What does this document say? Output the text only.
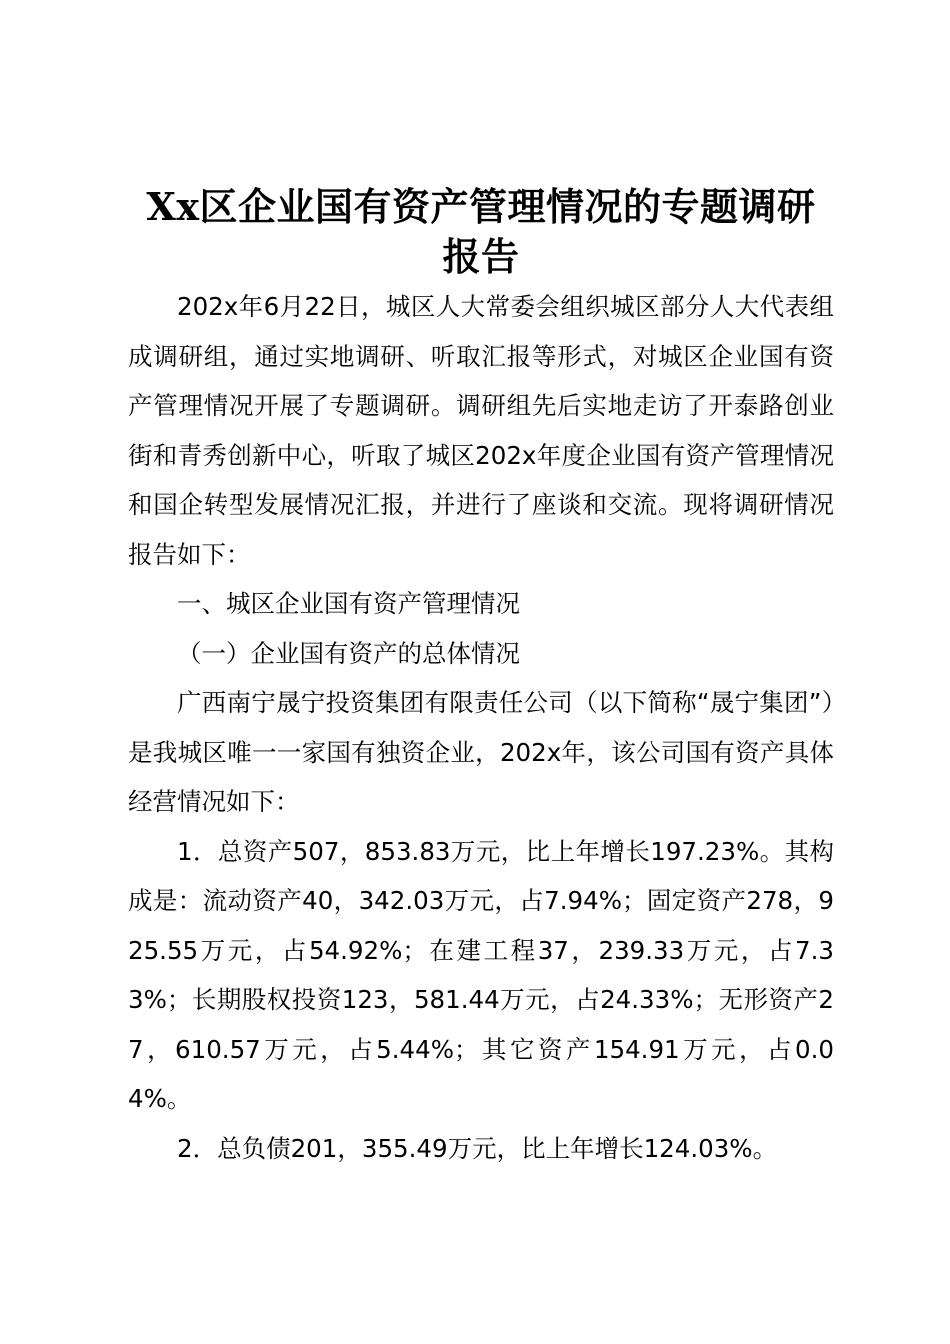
Xx区企业国有资产管理情况的专题调研报告

202x年6月22日，城区人大常委会组织城区部分人大代表组成调研组，通过实地调研、听取汇报等形式，对城区企业国有资产管理情况开展了专题调研。调研组先后实地走访了开泰路创业街和青秀创新中心，听取了城区202x年度企业国有资产管理情况和国企转型发展情况汇报，并进行了座谈和交流。现将调研情况报告如下：

一、城区企业国有资产管理情况

（一）企业国有资产的总体情况

广西南宁晟宁投资集团有限责任公司（以下简称“晟宁集团”）是我城区唯一一家国有独资企业，202x年，该公司国有资产具体经营情况如下：

1．总资产507，853.83万元，比上年增长197.23%。其构成是：流动资产40，342.03万元，占7.94%；固定资产278，925.55万元，占54.92%；在建工程37，239.33万元，占7.33%；长期股权投资123，581.44万元，占24.33%；无形资产27，610.57万元，占5.44%；其它资产154.91万元，占0.04%。

2．总负债201，355.49万元，比上年增长124.03%。
